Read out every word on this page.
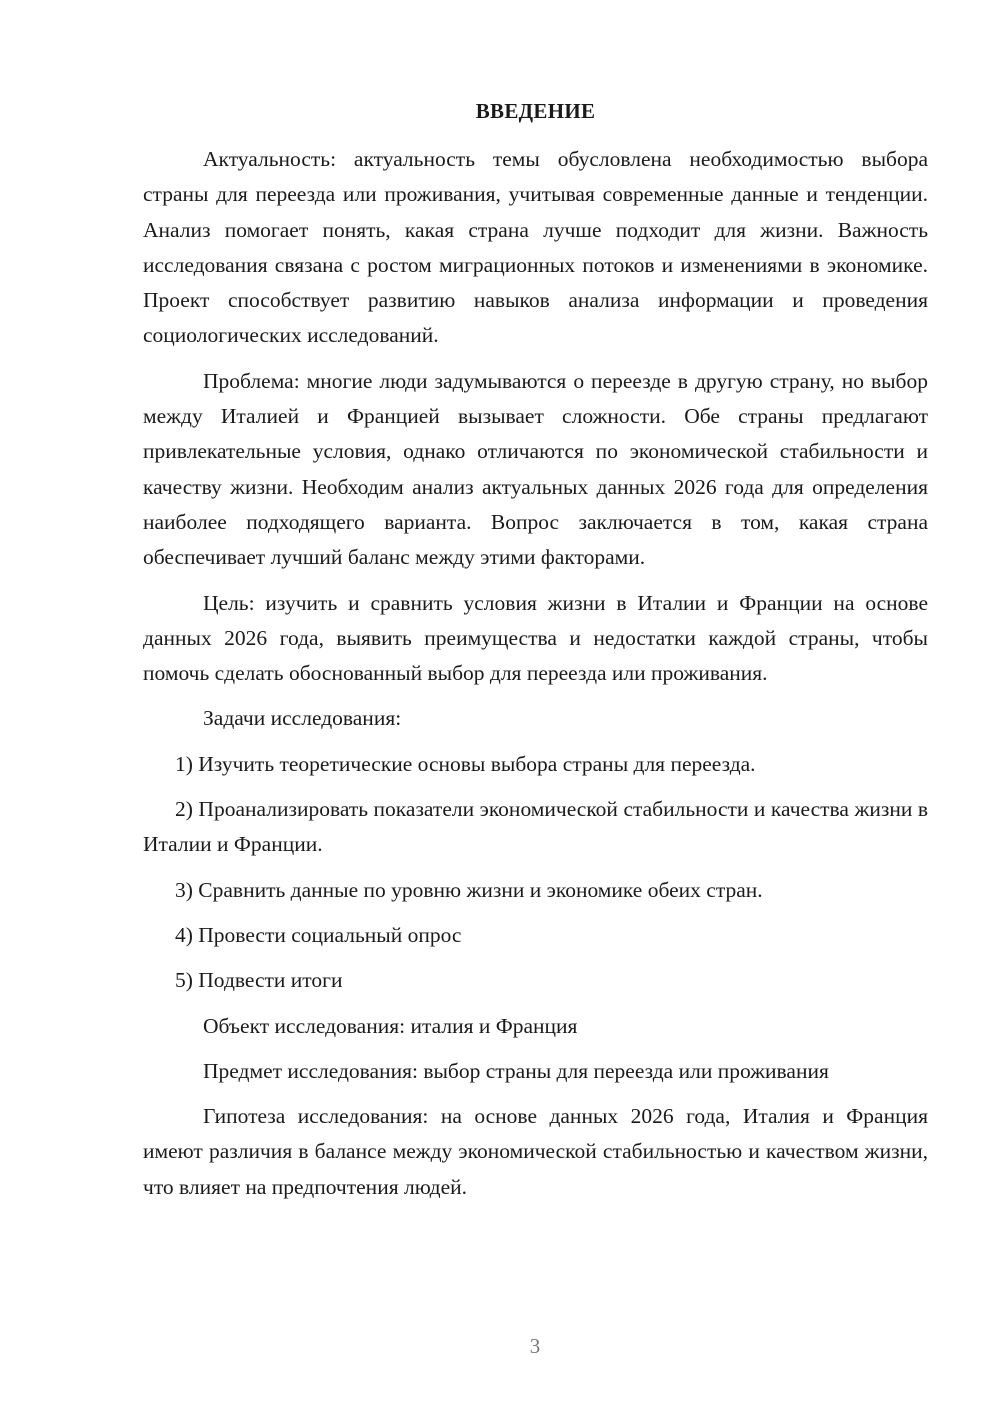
ВВЕДЕНИЕ

Актуальность: актуальность темы обусловлена необходимостью выбора страны для переезда или проживания, учитывая современные данные и тенденции. Анализ помогает понять, какая страна лучше подходит для жизни. Важность исследования связана с ростом миграционных потоков и изменениями в экономике. Проект способствует развитию навыков анализа информации и проведения социологических исследований.

Проблема: многие люди задумываются о переезде в другую страну, но выбор между Италией и Францией вызывает сложности. Обе страны предлагают привлекательные условия, однако отличаются по экономической стабильности и качеству жизни. Необходим анализ актуальных данных 2026 года для определения наиболее подходящего варианта. Вопрос заключается в том, какая страна обеспечивает лучший баланс между этими факторами.

Цель: изучить и сравнить условия жизни в Италии и Франции на основе данных 2026 года, выявить преимущества и недостатки каждой страны, чтобы помочь сделать обоснованный выбор для переезда или проживания.

Задачи исследования:

1) Изучить теоретические основы выбора страны для переезда.

2) Проанализировать показатели экономической стабильности и качества жизни в Италии и Франции.

3) Сравнить данные по уровню жизни и экономике обеих стран.

4) Провести социальный опрос

5) Подвести итоги

Объект исследования: италия и Франция

Предмет исследования: выбор страны для переезда или проживания

Гипотеза исследования: на основе данных 2026 года, Италия и Франция имеют различия в балансе между экономической стабильностью и качеством жизни, что влияет на предпочтения людей.

3
